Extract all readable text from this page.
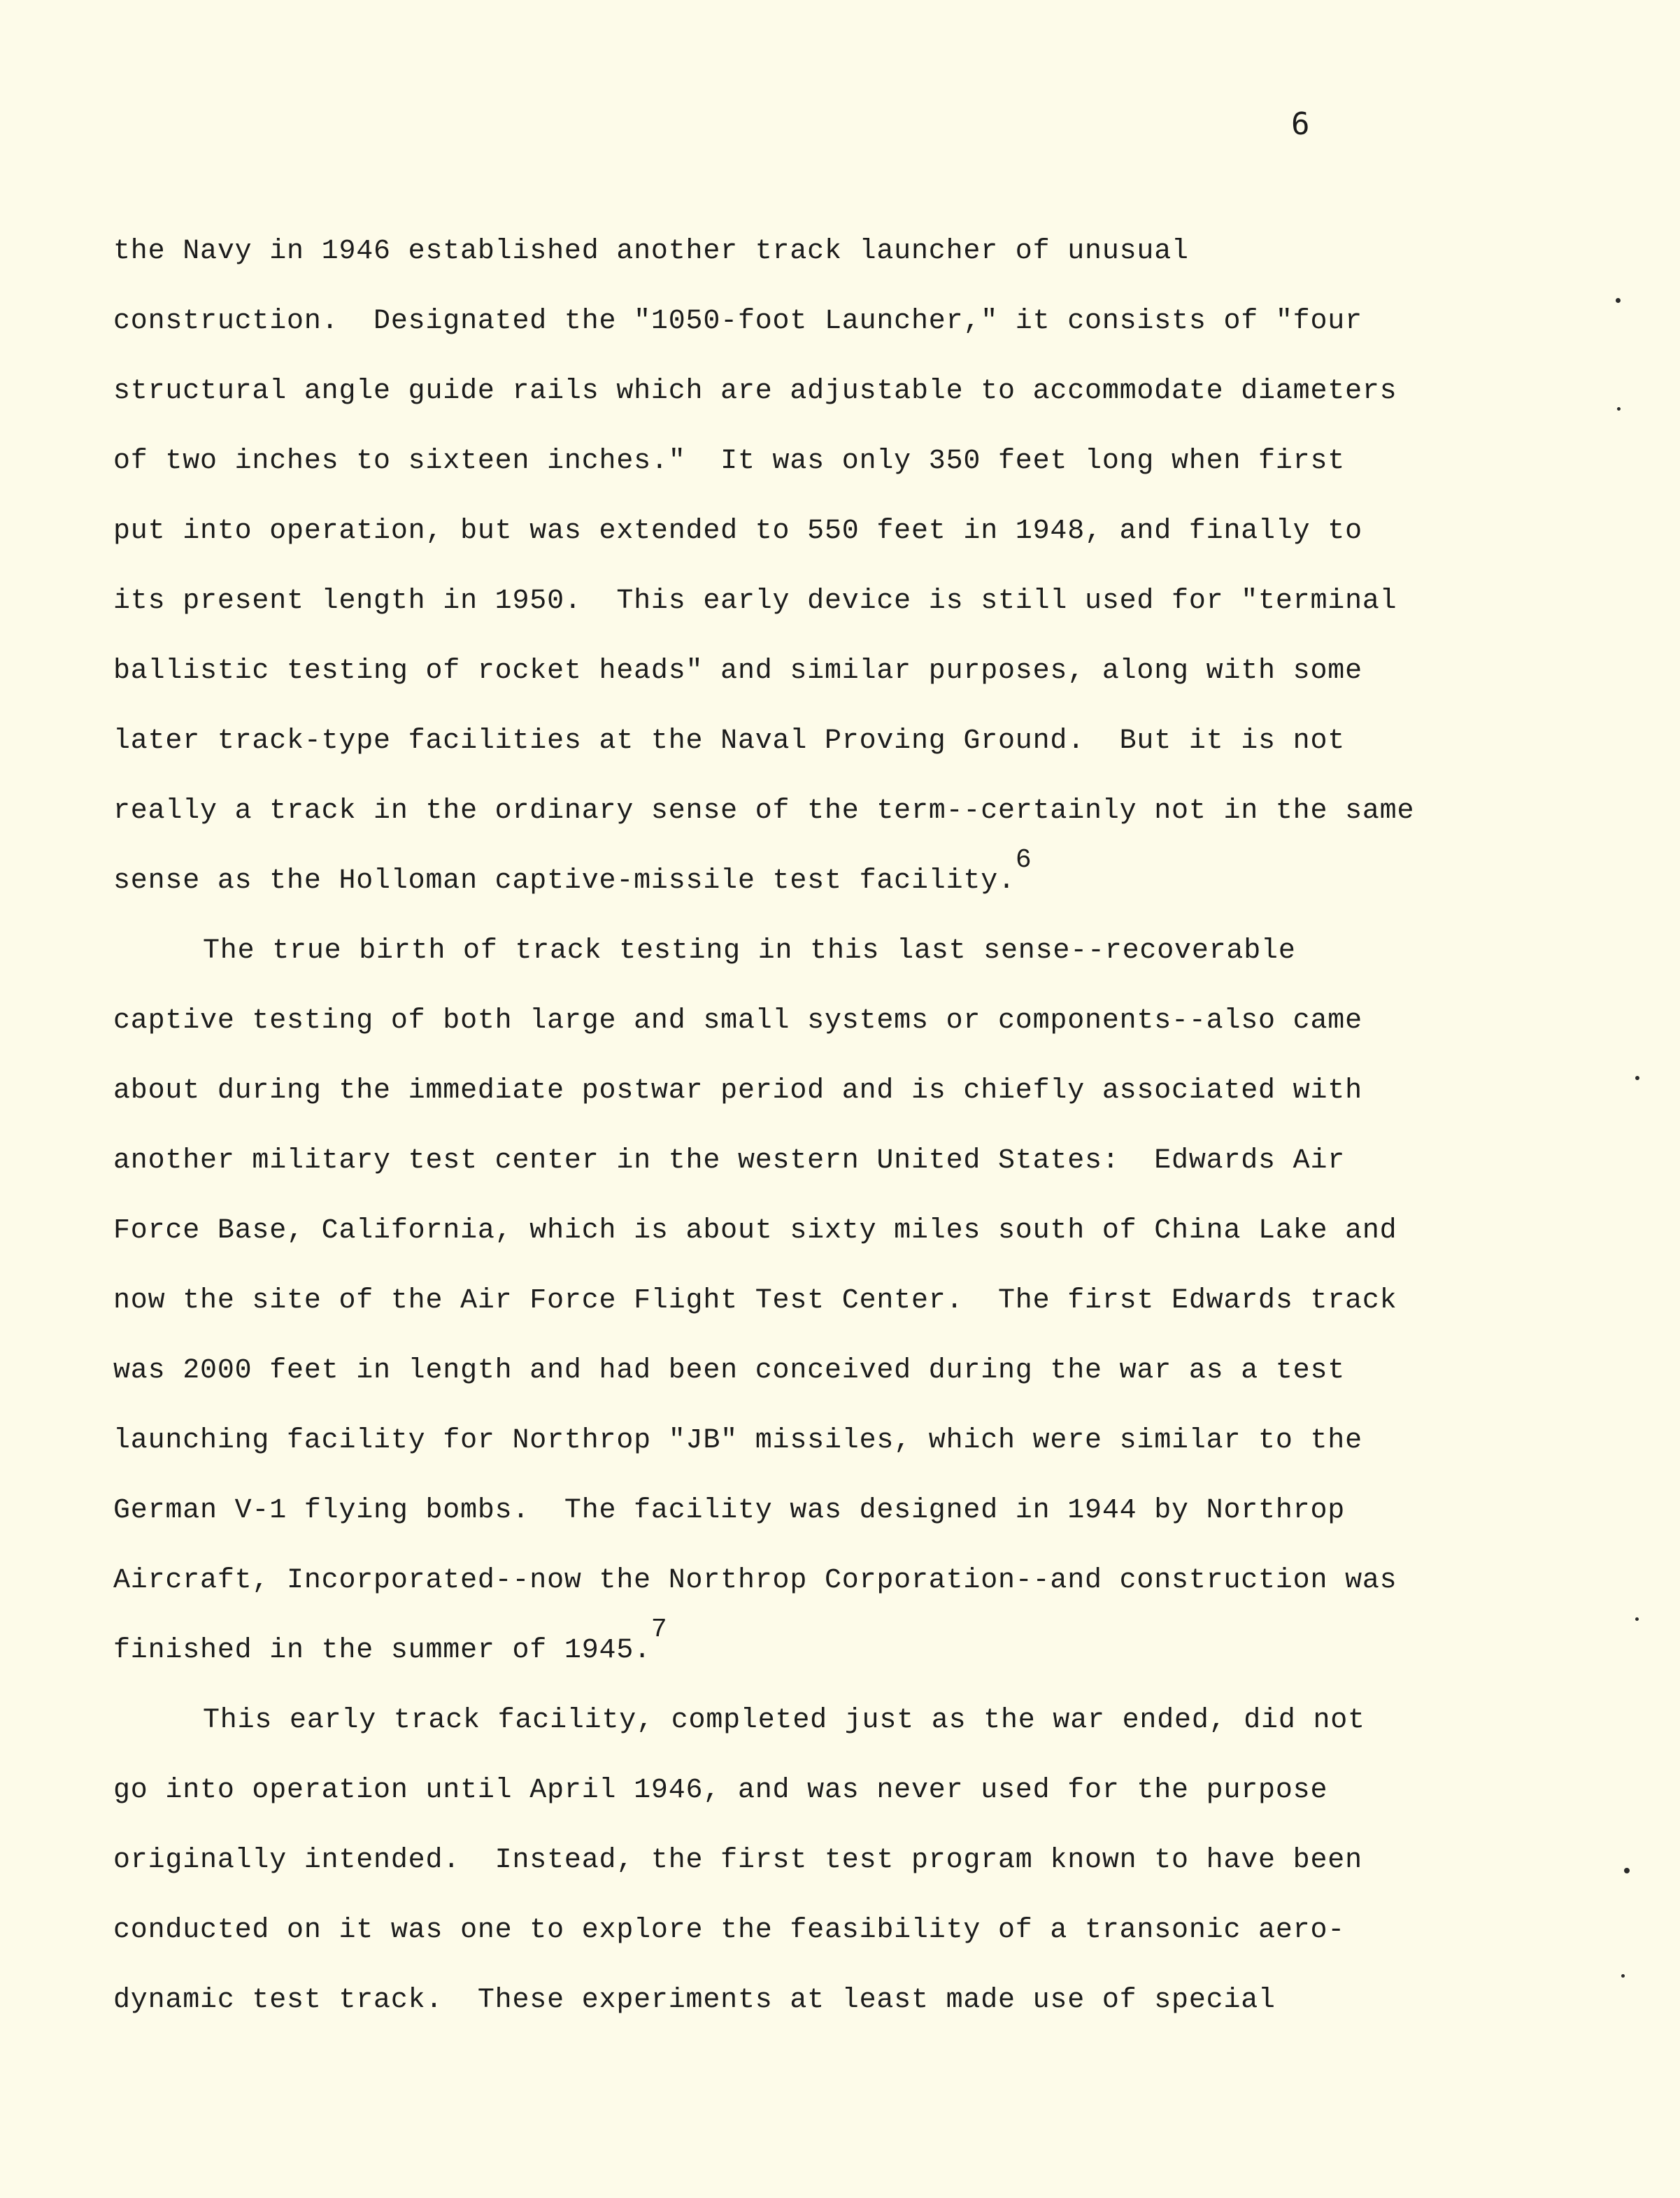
6
the Navy in 1946 established another track launcher of unusual
construction.  Designated the "1050-foot Launcher," it consists of "four
structural angle guide rails which are adjustable to accommodate diameters
of two inches to sixteen inches."  It was only 350 feet long when first
put into operation, but was extended to 550 feet in 1948, and finally to
its present length in 1950.  This early device is still used for "terminal
ballistic testing of rocket heads" and similar purposes, along with some
later track-type facilities at the Naval Proving Ground.  But it is not
really a track in the ordinary sense of the term--certainly not in the same
sense as the Holloman captive-missile test facility.$^6$
The true birth of track testing in this last sense--recoverable
captive testing of both large and small systems or components--also came
about during the immediate postwar period and is chiefly associated with
another military test center in the western United States:  Edwards Air
Force Base, California, which is about sixty miles south of China Lake and
now the site of the Air Force Flight Test Center.  The first Edwards track
was 2000 feet in length and had been conceived during the war as a test
launching facility for Northrop "JB" missiles, which were similar to the
German V-1 flying bombs.  The facility was designed in 1944 by Northrop
Aircraft, Incorporated--now the Northrop Corporation--and construction was
finished in the summer of 1945.$^7$
This early track facility, completed just as the war ended, did not
go into operation until April 1946, and was never used for the purpose
originally intended.  Instead, the first test program known to have been
conducted on it was one to explore the feasibility of a transonic aero-
dynamic test track.  These experiments at least made use of special
